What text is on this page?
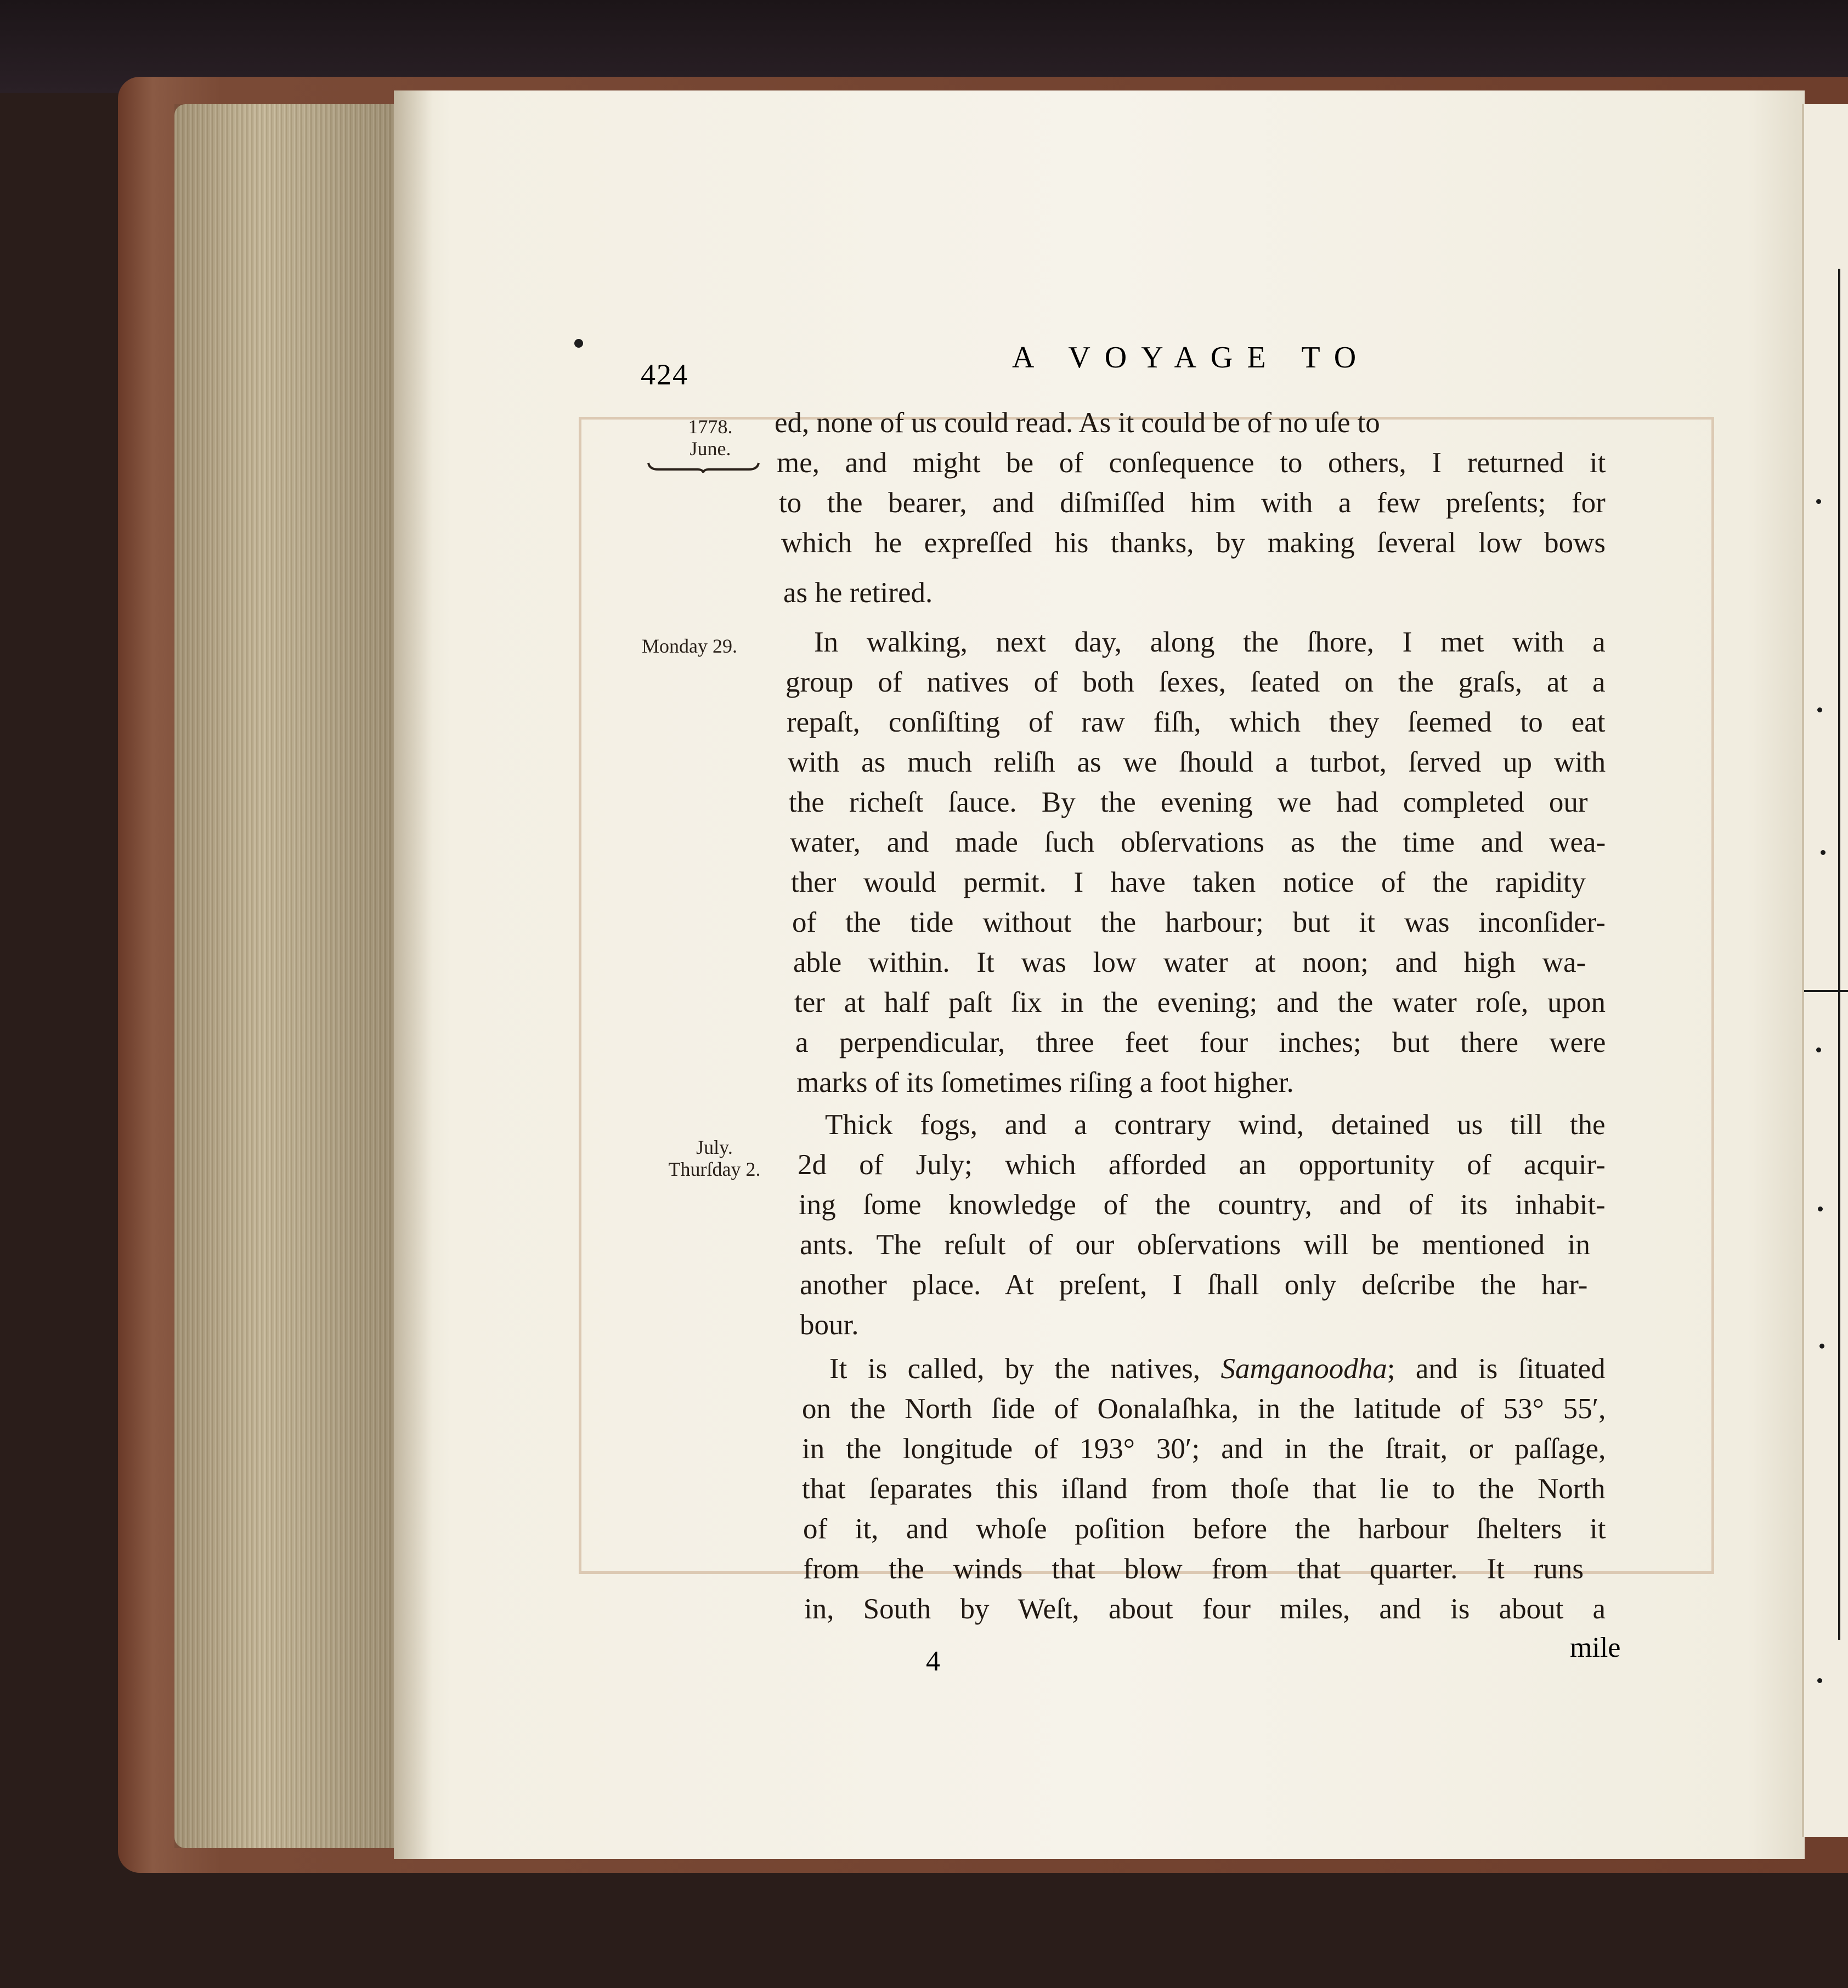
424	A VOYAGE TO
1778.
June.
Monday 29.
July.
Thurſday 2.
ed, none of us could read. As it could be of no uſe to
me, and might be of conſequence to others, I returned it
to the bearer, and diſmiſſed him with a few preſents; for
which he expreſſed his thanks, by making ſeveral low bows
as he retired.
In walking, next day, along the ſhore, I met with a
group of natives of both ſexes, ſeated on the graſs, at a
repaſt, conſiſting of raw fiſh, which they ſeemed to eat
with as much reliſh as we ſhould a turbot, ſerved up with
the richeſt ſauce. By the evening we had completed our
water, and made ſuch obſervations as the time and wea-
ther would permit. I have taken notice of the rapidity
of the tide without the harbour; but it was inconſider-
able within. It was low water at noon; and high wa-
ter at half paſt ſix in the evening; and the water roſe, upon
a perpendicular, three feet four inches; but there were
marks of its ſometimes riſing a foot higher.
Thick fogs, and a contrary wind, detained us till the
2d of July; which afforded an opportunity of acquir-
ing ſome knowledge of the country, and of its inhabit-
ants. The reſult of our obſervations will be mentioned in
another place. At preſent, I ſhall only deſcribe the har-
bour.
It is called, by the natives, Samganoodha; and is ſituated
on the North ſide of Oonalaſhka, in the latitude of 53° 55′,
in the longitude of 193° 30′; and in the ſtrait, or paſſage,
that ſeparates this iſland from thoſe that lie to the North
of it, and whoſe poſition before the harbour ſhelters it
from the winds that blow from that quarter. It runs
in, South by Weſt, about four miles, and is about a
4	mile
